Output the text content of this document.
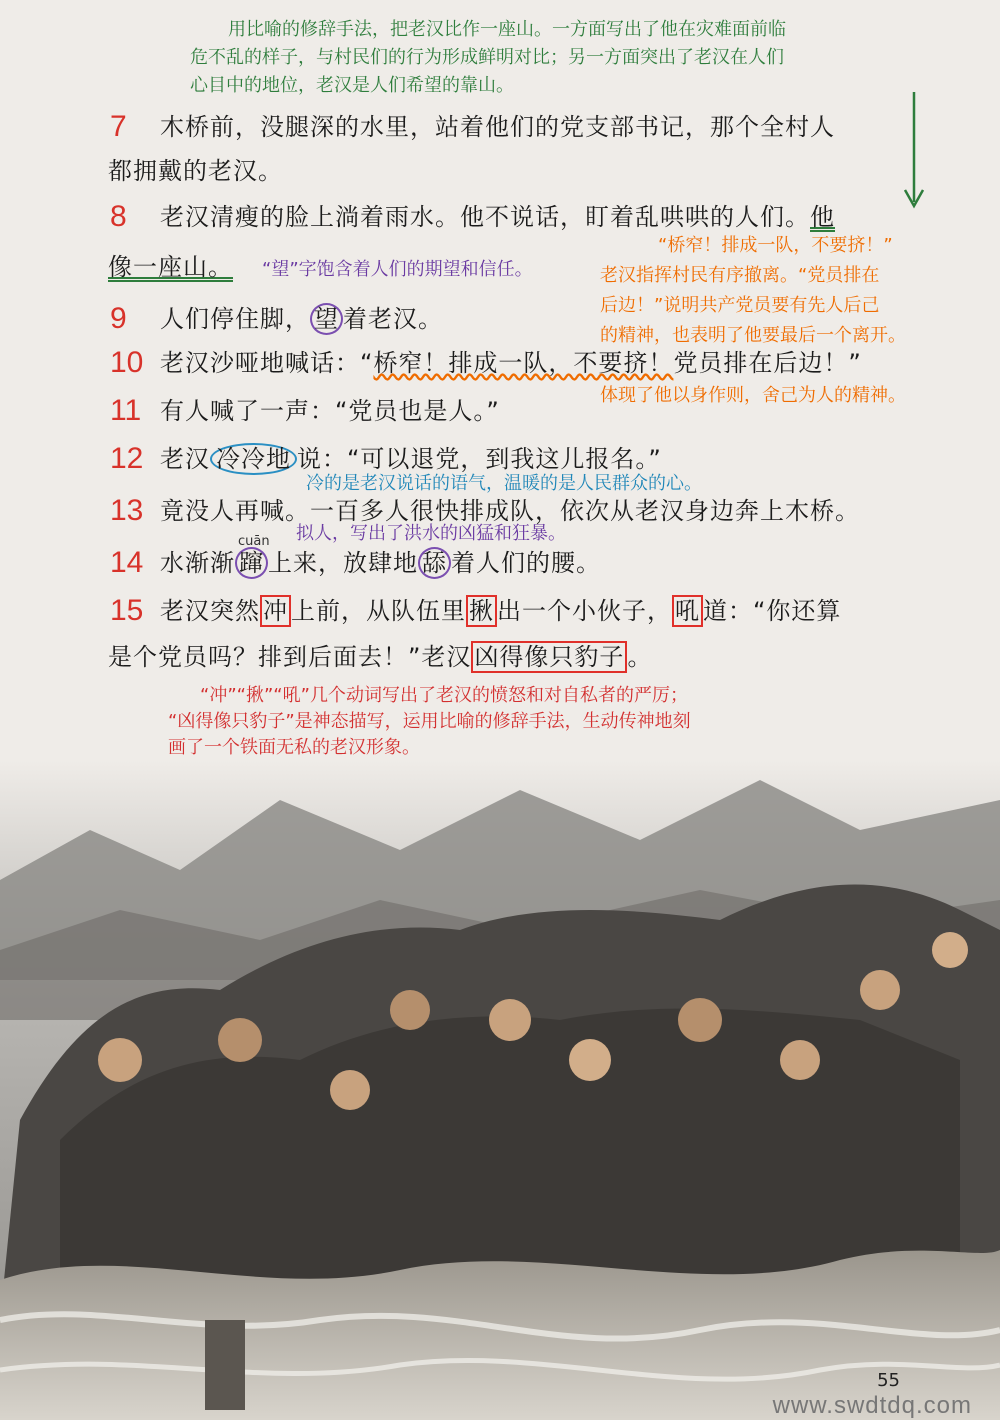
用比喻的修辞手法，把老汉比作一座山。一方面写出了他在灾难面前临
危不乱的样子，与村民们的行为形成鲜明对比；另一方面突出了老汉在人们
心目中的地位，老汉是人们希望的靠山。
7 木桥前，没腿深的水里，站着他们的党支部书记，那个全村人
都拥戴的老汉。
8 老汉清瘦的脸上淌着雨水。他不说话，盯着乱哄哄的人们。他
像一座山。 “望”字饱含着人们的期望和信任。
“桥窄！排成一队，不要挤！”
老汉指挥村民有序撤离。“党员排在
后边！”说明共产党员要有先人后己
的精神，也表明了他要最后一个离开。
9 人们停住脚， 望 着老汉。
10 老汉沙哑地喊话：“桥窄！排成一队，不要挤！党员排在后边！”
体现了他以身作则，舍己为人的精神。
11 有人喊了一声：“党员也是人。”
12 老汉 冷冷地 说：“可以退党，到我这儿报名。”
冷的是老汉说话的语气，温暖的是人民群众的心。
13 竟没人再喊。一百多人很快排成队，依次从老汉身边奔上木桥。
cuān 拟人，写出了洪水的凶猛和狂暴。
14 水渐渐 蹿 上来，放肆地 舔 着人们的腰。
15 老汉突然 冲 上前，从队伍里 揪 出一个小伙子， 吼 道：“你还算
是个党员吗？排到后面去！”老汉 凶得像只豹子 。
“冲”“揪”“吼”几个动词写出了老汉的愤怒和对自私者的严厉；
“凶得像只豹子”是神态描写，运用比喻的修辞手法，生动传神地刻
画了一个铁面无私的老汉形象。
55
www.swdtdq.com
